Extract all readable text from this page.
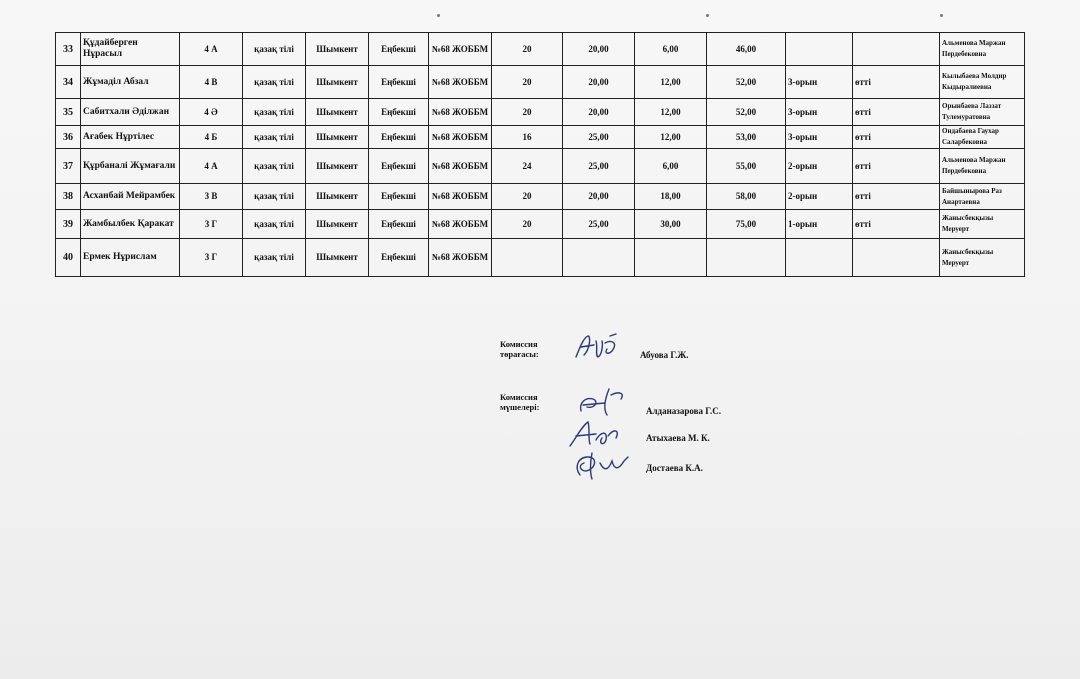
33	Құдайберген Нұрасыл	4 А	қазақ тілі	Шымкент	Еңбекші	№68 ЖОББМ	20	20,00	6,00	46,00			Альменова Маржан Пердебековна
34	Жұмаділ Абзал	4 В	қазақ тілі	Шымкент	Еңбекші	№68 ЖОББМ	20	20,00	12,00	52,00	3-орын	өтті	Кылыбаева Молдир Кыдыралиевна
35	Сабитхали Әділжан	4 Ә	қазақ тілі	Шымкент	Еңбекші	№68 ЖОББМ	20	20,00	12,00	52,00	3-орын	өтті	Орынбаева Лаззат Тулемуратовна
36	Ағабек Нұртілес	4 Б	қазақ тілі	Шымкент	Еңбекші	№68 ЖОББМ	16	25,00	12,00	53,00	3-орын	өтті	Ондабаева Гаухар Саларбековна
37	Құрбаналі Жұмағали	4 А	қазақ тілі	Шымкент	Еңбекші	№68 ЖОББМ	24	25,00	6,00	55,00	2-орын	өтті	Альменова Маржан Пердебековна
38	Асханбай Мейрамбек	3 В	қазақ тілі	Шымкент	Еңбекші	№68 ЖОББМ	20	20,00	18,00	58,00	2-орын	өтті	Байшынырова Раз Анартаевна
39	Жамбылбек Қаракат	3 Г	қазақ тілі	Шымкент	Еңбекші	№68 ЖОББМ	20	25,00	30,00	75,00	1-орын	өтті	Жанысбекқызы Меруерт
40	Ермек Нұрислам	3 Г	қазақ тілі	Шымкент	Еңбекші	№68 ЖОББМ							Жанысбекқызы Меруерт
Комиссия төрағасы:	Абуова Г.Ж.
Комиссия мүшелері:	Алданазарова Г.С.
Атыхаева М. К.
Достаева К.А.
